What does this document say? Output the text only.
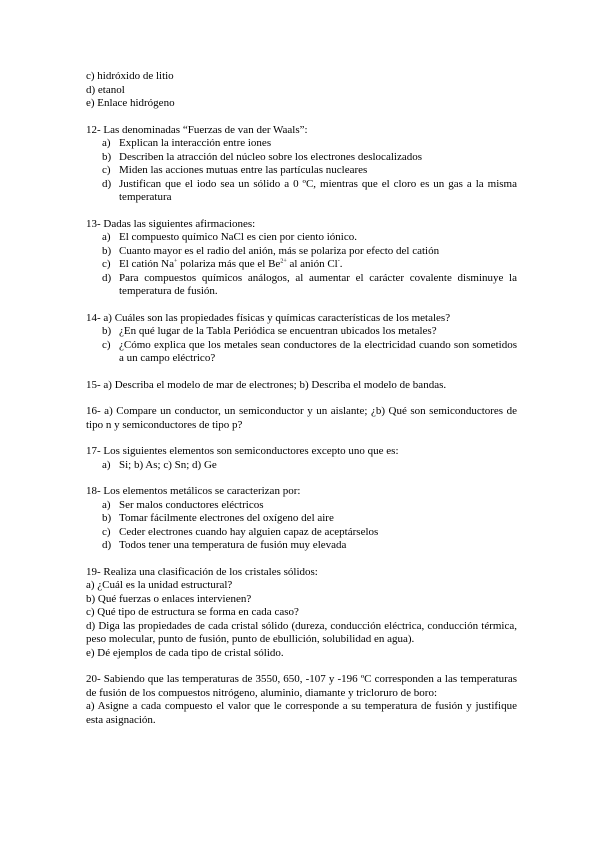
c) hidróxido de litio
d) etanol
e) Enlace hidrógeno
12- Las denominadas “Fuerzas de van der Waals”:
a) Explican la interacción entre iones
b) Describen la atracción del núcleo sobre los electrones deslocalizados
c) Miden las acciones mutuas entre las partículas nucleares
d) Justifican que el iodo sea un sólido a 0 ºC, mientras que el cloro es un gas a la misma temperatura
13- Dadas las siguientes afirmaciones:
a) El compuesto químico NaCl es cien por ciento iónico.
b) Cuanto mayor es el radio del anión, más se polariza por efecto del catión
c) El catión Na+ polariza más que el $Be^{2+}$ al anión Cl-.
d) Para compuestos químicos análogos, al aumentar el carácter covalente disminuye la temperatura de fusión.
14- a) Cuáles son las propiedades físicas y químicas características de los metales?
b) ¿En qué lugar de la Tabla Periódica se encuentran ubicados los metales?
c) ¿Cómo explica que los metales sean conductores de la electricidad cuando son sometidos a un campo eléctrico?
15- a) Describa el modelo de mar de electrones; b) Describa el modelo de bandas.
16- a) Compare un conductor, un semiconductor y un aislante; ¿b) Qué son semiconductores de tipo n y semiconductores de tipo p?
17- Los siguientes elementos son semiconductores excepto uno que es:
a) Si; b) As; c) Sn; d) Ge
18- Los elementos metálicos se caracterizan por:
a) Ser malos conductores eléctricos
b) Tomar fácilmente electrones del oxígeno del aire
c) Ceder electrones cuando hay alguien capaz de aceptárselos
d) Todos tener una temperatura de fusión muy elevada
19- Realiza una clasificación de los cristales sólidos:
a) ¿Cuál es la unidad estructural?
b) Qué fuerzas o enlaces intervienen?
c) Qué tipo de estructura se forma en cada caso?
d) Diga las propiedades de cada cristal sólido (dureza, conducción eléctrica, conducción térmica, peso molecular, punto de fusión, punto de ebullición, solubilidad en agua).
e) Dé ejemplos de cada tipo de cristal sólido.
20- Sabiendo que las temperaturas de 3550, 650, -107 y -196 ºC corresponden a las temperaturas de fusión de los compuestos nitrógeno, aluminio, diamante y tricloruro de boro:
a) Asigne a cada compuesto el valor que le corresponde a su temperatura de fusión y justifique esta asignación.
